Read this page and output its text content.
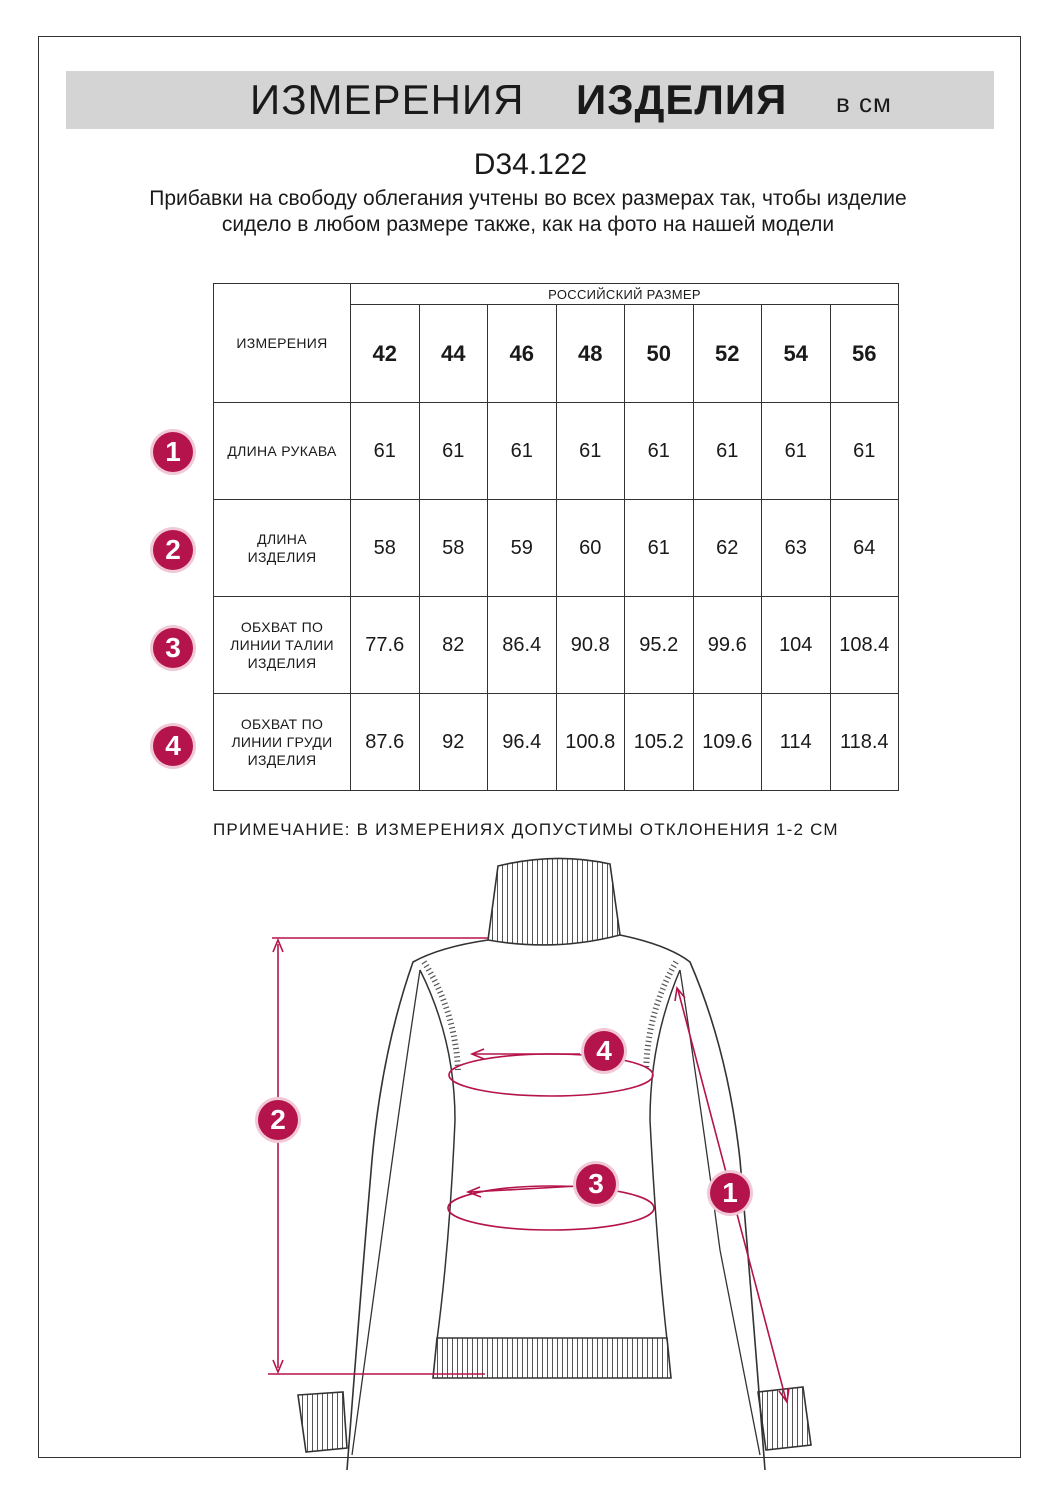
ИЗМЕРЕНИЯ ИЗДЕЛИЯ в см
D34.122
Прибавки на свободу облегания учтены во всех размерах так, чтобы изделие сидело в любом размере также, как на фото на нашей модели
ИЗМЕРЕНИЯ	РОССИЙСКИЙ РАЗМЕР							
	42	44	46	48	50	52	54	56
ДЛИНА РУКАВА	61	61	61	61	61	61	61	61
ДЛИНА ИЗДЕЛИЯ	58	58	59	60	61	62	63	64
ОБХВАТ ПО ЛИНИИ ТАЛИИ ИЗДЕЛИЯ	77.6	82	86.4	90.8	95.2	99.6	104	108.4
ОБХВАТ ПО ЛИНИИ ГРУДИ ИЗДЕЛИЯ	87.6	92	96.4	100.8	105.2	109.6	114	118.4
1
2
3
4
ПРИМЕЧАНИЕ: В ИЗМЕРЕНИЯХ ДОПУСТИМЫ ОТКЛОНЕНИЯ 1-2 СМ
4
3
2
1
